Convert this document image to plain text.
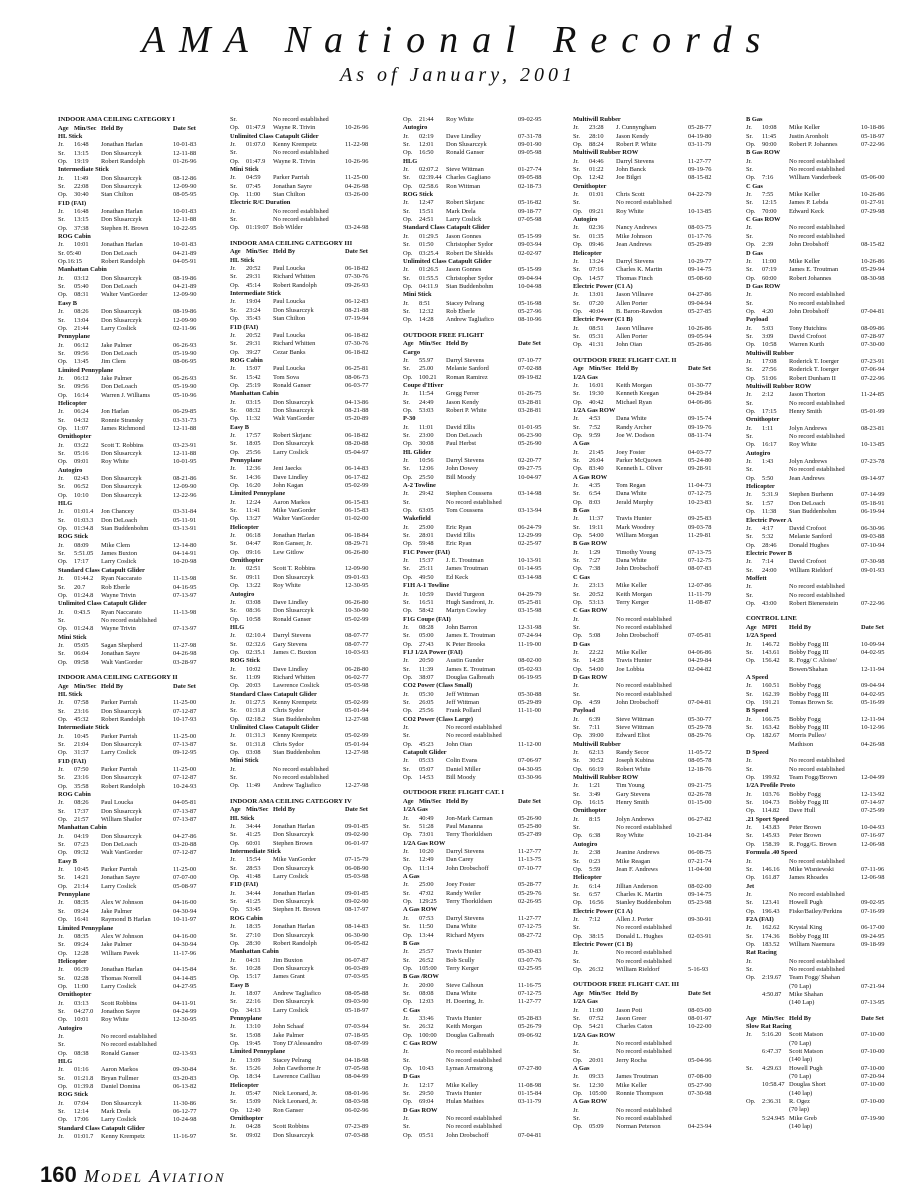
AMA National Records
As of January, 2001
INDOOR AMA CEILING CATEGORY I
Age Min/Sec Held By	Date Set
HL Stick
Jr.	16:48	Jonathan Harlan	10-01-83
Sr.	13:15	Don Slusarczyk	12-11-88
Op.	19:19	Robert Randolph	01-26-96
Intermediate Stick
Jr.	11:49	Don Slusarczyk	08-12-86
Sr.	22:08	Don Slusarczyk	12-09-90
Op.	30:40	Stan Chilton	08-05-95
F1D (FAI)
Jr.	16:48	Jonathan Harlan	10-01-83
Sr.	13:15	Don Slusarczyk	12-11-88
Op.	37:38	Stephen H. Brown	10-22-95
ROG Cabin
Jr.	10:01	Jonathan Harlan	10-01-83
Sr. 05:40	Don DeLoach	04-21-89
Op.16:15	Robert Randolph	04-05-91
Manhattan Cabin
Jr.	03:12	Don Slusarczyk	08-19-86
Sr.	05:40	Don DeLoach	04-21-89
Op.	08:31	Walter VanGorder	12-09-90
Easy B
Jr.	08:26	Don Slusarczyk	08-19-86
Sr.	13:04	Don Slusarczyk	12-09-90
Op.	21:44	Larry Coslick	02-11-96
Pennyplane
Jr.	06:12	Jake Palmer	06-26-93
Sr.	09:56	Don DeLoach	05-19-90
Op.	13:45	Jim Clem	08-06-95
Limited Pennyplane
Jr.	06:12	Jake Palmer	06-26-93
Sr.	09:56	Don DeLoach	05-19-90
Op.	16:14	Warren J. Williams	05-10-96
Helicopter
Jr.	06:24	Jon Harlan	06-29-85
Sr.	04:32	Ronnie Stransky	03-31-73
Op.	11:07	James Richmond	12-11-88
Ornithopter
Jr.	03:22	Scott T. Robbins	03-23-91
Sr.	05:16	Don Slusarczyk	12-11-88
Op.	09:01	Roy White	10-01-95
Autogiro
Jr.	02:43	Don Slusarczyk	08-21-86
Sr.	06:52	Don Slusarczyk	12-09-90
Op.	10:10	Don Slusarczyk	12-22-96
HLG
Jr.	01:01.4	Jon Chancey	03-31-84
Sr.	01:03.3	Don DeLoach	05-11-91
Op.	01:34.8	Stan Buddenbohm	03-13-91
ROG Stick
Jr.	08:09	Mike Clem	12-14-80
Sr.	5:51.05	James Buxton	04-14-91
Op.	17:17	Larry Coslick	10-20-98
Standard Class Catapult Glider
Jr.	01:44.2	Ryan Naccarato	11-13-98
Sr.	20.7	Rob Eberle	04-16-95
Op.	01:24.8	Wayne Trivin	07-13-97
Unlimited Class Catapult Glider
Jr.	0:43.5	Ryan Naccarato	11-13-98
Sr.	No record established
Op.	01:24.8	Wayne Trivin	07-13-97
Mini Stick
Jr.	05:05	Sagan Shepherd	11-27-98
Sr.	06:04	Jonathan Sayre	04-26-98
Op.	09:58	Walt VanGorder	03-28-97
INDOOR AMA CEILING CATEGORY II
Age Min/Sec Held By	Date Set
HL Stick
Jr.	07:58	Parker Parrish	11-25-00
Sr.	23:16	Don Slusarczyk	07-12-87
Op.	45:32	Robert Randolph	10-17-93
Intermediate Stick
Jr.	10:45	Parker Parrish	11-25-00
Sr.	21:04	Don Slusarczyk	07-13-87
Op.	31:37	Larry Coslick	09-12-95
F1D (FAI)
Jr.	07:50	Parker Parrish	11-25-00
Sr.	23:16	Don Slusarczyk	07-12-87
Op.	35:58	Robert Randolph	10-24-93
ROG Cabin
Jr.	08:26	Paul Loucka	04-05-81
Sr.	17:37	Don Slusarczyk	07-13-87
Op.	21:57	William Shailor	07-13-87
Manhattan Cabin
Jr.	04:19	Don Slusarczyk	04-27-86
Sr.	07:23	Don DeLoach	03-20-88
Op.	09:32	Walt VanGorder	07-12-87
Easy B
Jr.	10:45	Parker Parrish	11-25-00
Sr.	14:21	Jonathan Sayre	07-07-00
Op.	21:14	Larry Coslick	05-08-97
Pennyplane
Jr.	08:35	Alex W Johnson	04-16-00
Sr.	09:24	Jake Palmer	04-30-94
Op.	16:41	Raymond B Harlan	10-11-97
Limited Pennyplane
Jr.	08:35	Alex W Johnson	04-16-00
Sr.	09:24	Jake Palmer	04-30-94
Op.	12:28	William Pavek	11-17-96
Helicopter
Jr.	06:39	Jonathan Harlan	04-15-84
Sr.	02:28	Thomas Norrell	04-14-85
Op.	11:00	Larry Coslick	04-27-95
Ornithopter
Jr.	03:13	Scott Robbins	04-11-91
Sr.	04:27.0	Jonathon Sayre	04-24-99
Op.	10:01	Roy White	12-30-95
Autogiro
Jr.	No record established
Sr.	No record established
Op.	08:38	Ronald Ganser	02-13-93
HLG
Jr.	01:16	Aaron Markos	09-30-84
Sr.	01:21.8	Bryan Fullmer	03-20-83
Op.	01:39.8	Daniel Domina	06-13-82
ROG Stick
Jr.	07:04	Don Slusarczyk	11-30-86
Sr.	12:14	Mark Drela	06-12-77
Op.	17:06	Larry Coslick	10-24-98
Standard Class Catapult Glider
Jr.	01:01.7	Kenny Krempetz	11-16-97
Sr.	No record established
Op.	01:47.9	Wayne R. Trivin	10-26-96
Unlimited Class Catapult Glider
Jr.	01:07.0	Kenny Krempetz	11-22-98
Sr.	No record established
Op.	01:47.9	Wayne R. Trivin	10-26-96
Mini Stick
Jr.	04:59	Parker Parrish	11-25-00
Sr.	07:45	Jonathan Sayre	04-26-98
Op.	11:00	Stan Chilton	03-26-00
Electric R/C Duration
Jr.	No record established
Sr.	No record established
Op.	01:19:07 Bob Wilder	03-24-98
INDOOR AMA CEILING CATEGORY III
Age Min/Sec Held By	Date Set
HL Stick
Jr.	20:52	Paul Loucka	06-18-82
Sr.	29:31	Richard Whitten	07-30-76
Op.	45:14	Robert Randolph	09-26-93
Intermediate Stick
Jr.	19:04	Paul Loucka	06-12-83
Sr.	23:24	Don Slusarczyk	08-21-88
Op.	35:43	Stan Chilton	07-19-94
F1D (FAI)
Jr.	20:52	Paul Loucka	06-18-82
Sr.	29:31	Richard Whitten	07-30-76
Op.	39:27	Cezar Banks	06-18-82
ROG Cabin
Jr.	15:07	Paul Loucka	06-25-81
Sr.	15:42	Tom Sova	08-06-73
Op.	25:19	Ronald Ganser	06-03-77
Manhattan Cabin
Jr.	03:15	Don Slusarczyk	04-13-86
Sr.	08:32	Don Slusarczyk	08-21-88
Op.	11:32	Walt VanGorder	05-20-89
Easy B
Jr.	17:57	Robert Skrjanc	06-18-82
Sr.	18:05	Don Slusarczyk	08-20-88
Op.	25:56	Larry Coslick	05-04-97
Pennyplane
Jr.	12:36	Jeni Jaecks	06-14-83
Sr.	14:36	Dave Lindley	06-17-82
Op.	16:20	John Kagan	05-02-99
Limited Pennyplane
Jr.	12:24	Aaron Markos	06-15-83
Sr.	11:41	Mike VanGorder	06-15-83
Op.	13:27	Walter VanGorder	01-02-00
Helicopter
Jr.	06:18	Jonathan Harlan	06-18-84
Sr.	04:47	Ron Ganser, Jr.	08-29-71
Op.	09:16	Lew Gitlow	06-26-80
Ornithopter
Jr.	02:51	Scott T. Robbins	12-09-90
Sr.	09:11	Don Slusarczyk	09-01-93
Op.	13:22	Roy White	12-30-95
Autogiro
Jr.	03:08	Dave Lindley	06-26-80
Sr.	08:36	Don Slusarczyk	10-30-90
Op.	10:58	Ronald Ganser	05-02-99
HLG
Jr.	02:10.4	Darryl Stevens	08-07-77
Sr.	02:32.6	Gary Stevens	08-07-77
Op.	02:35.1	James C. Buxton	10-03-93
ROG Stick
Jr.	10:02	Dave Lindley	06-28-80
Sr.	11:09	Richard Whitten	06-02-77
Op.	20:03	Lawrence Coslick	05-03-98
Standard Class Catapult Glider
Jr.	01:27.5	Kenny Krempetz	05-02-99
Sr.	01:31.8	Chris Sydor	05-01-94
Op.	02:18.2	Stan Buddenbohm	12-27-98
Unlimited Class Catapult Glider
Jr.	01:31.3	Kenny Krempetz	05-02-99
Sr.	01:31.8	Chris Sydor	05-01-94
Op.	03:08	Stan Buddenbohm	12-27-98
Mini Stick
Jr.	No record established
Sr.	No record established
Op.	11:49	Andrew Tagliafico	12-27-98
INDOOR AMA CEILING CATEGORY IV
Age Min/Sec Held By	Date Set
HL Stick
Jr.	34:44	Jonathan Harlan	09-01-85
Sr.	41:25	Don Slusarczyk	09-02-90
Op.	60:01	Stephen Brown	06-01-97
Intermediate Stick
Jr.	15:54	Mike VanGorder	07-15-79
Sr.	28:53	Don Slusarczyk	06-08-90
Op.	41:48	Larry Coslick	05-03-98
F1D (FAI)
Jr.	34:44	Jonathan Harlan	09-01-85
Sr.	41:25	Don Slusarczyk	09-02-90
Op.	53:45	Stephen H. Brown	08-17-97
ROG Cabin
Jr.	18:35	Jonathan Harlan	08-14-83
Sr.	27:10	Don Slusarczyk	06-30-90
Op.	28:30	Robert Randolph	06-05-82
Manhattan Cabin
Jr.	04:31	Jim Buxton	06-07-87
Sr.	10:28	Don Slusarczyk	06-03-89
Op.	15:17	James Grant	07-03-95
Easy B
Jr.	18:07	Andrew Tagliafico	08-05-88
Sr.	22:16	Don Slusarczyk	09-03-90
Op.	34:13	Larry Coslick	05-18-97
Pennyplane
Jr.	13:10	John Schaaf	07-03-94
Sr.	15:08	Jake Palmer	07-18-95
Op.	19:45	Tony D'Alessandro	08-07-99
Limited Pennyplane
Jr.	13:09	Stacey Pelrang	04-18-98
Sr.	15:26	John Cawthorne Jr	07-05-98
Op.	18:34	Lawrence Cailliau	08-04-99
Helicopter
Jr.	05:47	Nick Leonard, Jr.	08-01-96
Sr.	15:09	Nick Leonard, Jr.	08-03-98
Op.	12:40	Ron Ganser	06-02-96
Ornithopter
Jr.	04:28	Scott Robbins	07-23-89
Sr.	09:02	Don Slusarczyk	07-03-88
Op.	21:44	Roy White	09-02-95
Autogiro
Jr.	02:19	Dave Lindley	07-31-78
Sr.	12:01	Don Slusarczyk	09-01-90
Op.	16:50	Ronald Ganser	09-05-98
HLG
Jr.	02:07.2	Steve Wittman	01-27-74
Sr.	02:39.44 Charles Gagliano	09-05-88
Op.	02:58.6	Ron Wittman	02-18-73
ROG Stick
Jr.	12:47	Robert Skrjanc	05-16-82
Sr.	15:51	Mark Drela	09-18-77
Op.	24:51	Larry Coslick	07-05-98
Standard Class Catapult Glider
Jr.	01:29.5	Jason Gonnes	05-15-99
Sr.	01:50	Christopher Sydor	09-03-94
Op.	03:25.4	Robert De Shields	02-02-97
Unlimited Class Catapult Glider
Jr.	01:26.5	Jason Gonnes	05-15-99
Sr.	01:55.5	Christopher Sydor	09-04-94
Op.	04:11.9	Stan Buddenbohm	10-04-98
Mini Stick
Jr.	8:51	Stacey Pelrang	05-16-98
Sr.	12:32	Rob Eberle	05-27-96
Op.	14:28	Andrew Tagliafico	08-10-96
OUTDOOR FREE FLIGHT
Age Min/Sec Held By	Date Set
Cargo
Jr.	55.97	Darryl Stevens	07-10-77
Sr.	25.00	Melanie Sanford	07-02-88
Op.	100.21	Roman Ramirez	09-19-82
Coupe d'Hiver
Jr.	11:54	Gregg Ferrer	01-26-75
Sr.	24:49	Jason Kendy	03-28-81
Op.	53:03	Robert P. White	03-28-81
P-30
Jr.	11:01	David Ellis	01-01-95
Sr.	23:00	Don DeLoach	06-23-90
Op.	30:08	Paul Herbst	05-26-90
HL Glider
Jr.	10:56	Darryl Stevens	02-20-77
Sr.	12:06	John Dowey	09-27-75
Op.	25:50	Bill Moody	10-04-97
A-2 Towline
Jr.	29:42	Stephen Coussens	03-14-98
Sr.	No record established
Op.	63:05	Tom Coussens	03-13-94
Wakefield
Jr.	25:00	Eric Ryan	06-24-79
Sr.	28:01	David Ellis	12-29-99
Op.	59:48	Eric Ryan	02-25-97
F1C Power (FAI)
Jr.	15:37	J. E. Troutman	10-13-91
Sr.	25:11	James Troutman	01-14-95
Op.	49:50	Ed Keck	03-14-98
F1H A-1 Towline
Jr.	10:59	David Turgeon	04-29-79
Sr.	16:51	Hugh Sandroni, Jr.	05-25-81
Op.	58:42	Martyn Cowley	03-15-98
F1G Coupe (FAI)
Jr.	08:28	John Barron	12-31-98
Sr.	05:00	James E. Troutman	07-24-94
Op.	27:43	K Peter Brooks	11-19-00
F1J 1/2A Power (FAI)
Jr.	20:50	Austin Gunder	08-02-00
Sr.	11:39	James E. Troutman	05-02-93
Op.	38:07	Douglas Galbreath	06-19-95
CO2 Power (Class Small)
Jr.	05:30	Jeff Wittman	05-30-88
Sr.	26:05	Jeff Wittman	05-29-89
Op.	25:56	Frank Pollard	11-11-00
CO2 Power (Class Large)
Jr.	No record established
Sr.	No record established
Op.	45:23	John Oian	11-12-00
Catapult Glider
Jr.	05:33	Colin Evans	07-06-97
Sr.	05:07	Daniel Miller	04-30-95
Op.	14:53	Bill Moody	03-30-96
OUTDOOR FREE FLIGHT CAT. I
Age Min/Sec Held By	Date Set
1/2A Gas
Jr.	40:49	Jon-Mark Carman	05-26-90
Sr.	51:28	Paul Mananna	05-25-80
Op.	73:01	Terry Thorkildsen	05-27-89
1/2A Gas ROW
Jr.	10:20	Darryl Stevens	11-27-77
Sr.	12:49	Dan Carey	11-13-75
Op.	11:14	John Drobschoff	07-10-77
A Gas
Jr.	25:00	Joey Foster	05-28-77
Sr.	47:02	Randy Weiler	05-29-76
Op.	129:25	Terry Thorkildsen	02-26-95
A Gas ROW
Jr.	07:53	Darryl Stevens	11-27-77
Sr.	11:50	Dana White	07-12-75
Op.	13:44	Richard Myers	08-27-72
B Gas
Jr.	25:57	Travis Hunter	05-30-83
Sr.	26:52	Bob Scully	03-07-76
Op.	105:00	Terry Kerger	02-25-95
B Gas /ROW
Jr.	20:00	Steve Calhoun	11-16-75
Sr.	08:08	Dana White	07-12-75
Op.	12:03	H. Doering, Jr.	11-27-77
C Gas
Jr.	33:46	Travis Hunter	05-28-83
Sr.	26:32	Keith Morgan	05-26-79
Op.	100:00	Douglas Galbreath	09-06-92
C Gas ROW
Jr.	No record established
Sr.	No record established
Op.	10:43	Lyman Armstrong	07-27-80
D Gas
Jr.	12:17	Mike Kelley	11-08-98
Sr.	29:50	Travis Hunter	01-15-84
Op.	69:04	Hulan Mathies	03-11-79
D Gas ROW
Jr.	No record established
Sr.	No record established
Op.	05:51	John Drobschoff	07-04-81
Multiwill Rubber
Jr.	23:28	J. Cunnyngham	05-28-77
Sr.	28:10	Jason Kendy	04-19-80
Op.	88:24	Robert P. White	03-11-79
Multiwill Rubber ROW
Jr.	04:46	Darryl Stevens	11-27-77
Sr.	01:22	John Banck	09-19-76
Op.	12:42	Joe Bilgri	08-15-82
Ornithopter
Jr.	01:01	Chris Scott	04-22-79
Sr.	No record established
Op.	09:21	Roy White	10-13-85
Autogiro
Jr.	02:36	Nancy Andrews	08-03-75
Sr.	01:35	Mike Johnson	01-17-76
Op.	09:46	Jean Andrews	05-29-89
Helicopter
Jr.	13:24	Darryl Stevens	10-29-77
Sr.	07:16	Charles K. Martin	09-14-75
Op.	14:57	Thomas Finch	05-08-60
Electric Power (C1 A)
Jr.	13:01	Jason Villnave	04-27-86
Sr.	07:20	Allen Porter	09-04-94
Op.	40:04	B. Baron-Rawdon	05-27-85
Electric Power (C1 B)
Jr.	08:51	Jason Villnave	10-26-86
Sr.	05:31	Allen Porter	09-05-94
Op.	41:31	John Oian	05-26-86
OUTDOOR FREE FLIGHT CAT. II
Age Min/Sec Held By	Date Set
1/2A Gas
Jr.	16:01	Keith Morgan	01-30-77
Sr.	19:30	Kenneth Keegan	04-29-84
Op.	40:42	Michael Ryan	04-06-86
1/2A Gas ROW
Jr.	4:53	Dana White	09-15-74
Sr.	7:52	Randy Archer	09-19-76
Op.	9:59	Joe W. Dodson	08-11-74
A Gas
Jr.	21:45	Joey Foster	04-03-77
Sr.	26:04	Parker McQuown	05-24-80
Op.	83:40	Kenneth L. Oliver	09-28-91
A Gas ROW
Jr.	4:35	Tom Regan	11-04-73
Sr.	6:54	Dana White	07-12-75
Op.	8:03	Jerald Murphy	10-23-83
B Gas
Jr.	11:37	Travis Hunter	09-25-83
Sr.	19:11	Mark Woodrey	09-03-78
Op.	54:00	William Morgan	11-29-81
B Gas ROW
Jr.	1:29	Timothy Young	07-13-75
Sr.	7:27	Dana White	07-12-75
Op.	7:38	John Drobschoff	08-07-83
C Gas
Jr.	23:13	Mike Keller	12-07-86
Sr.	20:52	Keith Morgan	11-11-79
Op.	53:13	Terry Kerger	11-08-87
C Gas ROW
Jr.	No record established
Sr.	No record established
Op.	5:08	John Drobschoff	07-05-81
D Gas
Jr.	22:22	Mike Keller	04-06-86
Sr.	14:28	Travis Hunter	04-29-84
Op.	54:00	Joe Lobbia	02-04-82
D Gas ROW
Jr.	No record established
Sr.	No record established
Op.	4:59	John Drobschoff	07-04-81
Payload
Jr.	6:39	Steve Wittman	05-30-77
Sr.	7:11	Steve Wittman	05-29-78
Op.	39:00	Edward Eliot	08-29-76
Multiwill Rubber
Jr.	62:13	Randy Secor	11-05-72
Sr.	30:52	Joseph Kubina	08-05-78
Op.	66:19	Robert White	12-18-76
Multiwill Rubber ROW
Jr.	1:21	Tim Young	09-21-75
Sr.	3:49	Gary Stevens	02-26-78
Op.	16:15	Henry Smith	01-15-00
Ornithopter
Jr.	8:15	Jolyn Andrews	06-27-82
Sr.	No record established
Op.	6:38	Roy White	10-21-84
Autogiro
Jr.	2:38	Jeanine Andrews	06-08-75
Sr.	0:23	Mike Reagan	07-21-74
Op.	5:59	Jean F. Andrews	11-04-90
Helicopter
Jr.	6:14	Jillian Anderson	08-02-00
Sr.	6:57	Charles K. Martin	09-14-75
Op.	16:56	Stanley Buddenbohm	05-23-98
Electric Power (C1 A)
Jr.	7:12	Allen J. Porter	09-30-91
Sr.	No record established
Op.	38:15	Donald L. Hughes	02-03-91
Electric Power (C1 B)
Jr.	No record established
Sr.	No record established
Op.	26:32	William Rieldorf	5-16-93
OUTDOOR FREE FLIGHT CAT. III
Age Min/Sec Held By	Date Set
1/2A Gas
Jr.	11:00	Jason Poti	08-03-00
Sr.	07:52	Jason Greer	08-01-97
Op.	54:21	Charles Caton	10-22-00
1/2A Gas ROW
Jr.	No record established
Sr.	No record established
Op.	20:01	Jerry Rocha	05-04-96
A Gas
Jr.	09:33	James Troutman	07-08-00
Sr.	12:30	Mike Keller	05-27-90
Op.	105:00	Ronnie Thompson	07-30-98
A Gas ROW
Jr.	No record established
Sr.	No record established
Op.	05:09	Norman Peterson	04-23-94
B Gas
Jr.	10:08	Mike Keller	10-18-86
Sr.	11:45	Justin Aronholt	05-18-97
Op.	90:00	Robert P. Johannes	07-22-96
B Gas ROW
Jr.	No record established
Sr.	No record established
Op.	7:16	William Vanderbeek	05-06-00
C Gas
Jr.	7:55	Mike Keller	10-26-86
Sr.	12:15	James P. Lebda	01-27-91
Op.	70:00	Edward Keck	07-29-98
C Gas ROW
Jr.	No record established
Sr.	No record established
Op.	2:39	John Drobshoff	08-15-82
D Gas
Jr.	11:00	Mike Keller	10-26-86
Sr.	07:19	James E. Troutman	05-29-94
Op.	60:00	Robert Johannes	08-30-98
D Gas ROW
Jr.	No record established
Sr.	No record established
Op.	4:20	John Drobshoff	07-04-81
Payload
Jr.	5:03	Tony Hutchins	08-09-86
Sr.	3:09	David Crofoot	07-28-97
Op.	10:58	Warren Kurth	07-30-00
Multiwill Rubber
Jr.	17:08	Roderick T. Ioerger	07-23-91
Sr.	27:56	Roderick T. Ioerger	07-06-94
Op.	51:06	Robert Dunham II	07-22-96
Multiwill Rubber ROW
Jr.	2:12	Jason Thorton	11-24-85
Sr.	No record established
Op.	17:15	Henry Smith	05-01-99
Ornithopter
Jr.	1:11	Jolyn Andrews	08-23-81
Sr.	No record established
Op.	16:17	Roy White	10-13-85
Autogiro
Jr.	1:43	Jolyn Andrews	07-23-78
Sr.	No record established
Op.	5:50	Jean Andrews	09-14-97
Helicopter
Jr.	5:31.9	Stephen Burhenn	07-14-99
Sr.	1:57	Don DeLoach	05-18-91
Op.	11:38	Stan Buddenbohm	06-19-94
Electric Power A
Jr.	4:17	David Crofoot	06-30-96
Sr.	5:32	Melanie Sanford	09-03-88
Op.	28:46	Donald Hughes	07-10-94
Electric Power B
Jr.	7:14	David Crofoot	07-30-98
Sr.	24:00	William Rieldorf	09-01-93
Moffett
Jr.	No record established
Sr.	No record established
Op.	43:00	Robert Bienenstein	07-22-96
CONTROL LINE
Age MPH	Held By	Date Set
1/2A Speed
Jr.	146.72	Bobby Fogg III	10-09-94
Sr.	143.61	Bobby Fogg III	04-02-95
Op.	156.42	R. Fogg/ C Aloise/
Bowen/Shahan	12-11-94
A Speed
Jr.	160.51	Bobby Fogg	09-04-94
Sr.	162.39	Bobby Fogg III	04-02-95
Op.	191.21	Tomas Brown Sr.	05-16-99
B Speed
Jr.	166.75	Bobby Fogg	12-11-94
Sr.	163.42	Bobby Fogg III	10-12-96
Op.	182.67	Morris Pulleo/
Mathison	04-26-98
D Speed
Jr.	No record established
Sr.	No record established
Op.	199.92	Team Fogg/Brown	12-04-99
1/2A Profile Proto
Jr.	103.76	Bobby Fogg	12-13-92
Sr.	104.73	Bobby Fogg III	07-14-97
Op.	114.82	Dave Hull	07-25-99
.21 Sport Speed
Jr.	143.83	Peter Brown	10-04-93
Sr.	145.93	Peter Brown	07-16-97
Op.	158.39	R. Fogg/G. Brown	12-06-98
Formula .40 Speed
Jr.	No record established
Sr.	146.16	Mike Wisniewski	07-11-96
Op.	161.87	James Rhoades	12-06-98
Jet
Jr.	No record established
Sr.	123.41	Howell Pugh	09-02-95
Op.	196.43	Fiske/Bailey/Perkins	07-16-99
F2A (FAI)
Jr.	162.62	Krystal King	06-17-00
Sr.	174.36	Bobby Fogg III	09-24-95
Op.	183.52	William Naemura	09-18-99
Rat Racing
Jr.	No record established
Sr.	No record established
Op.	2:19.67	Team Fogg/ Shahan
(70 Lap)	07-21-94
4:50.87	Mike Shahan
(140 Lap)	07-13-95
Age Min/Sec Held By	Date Set
Slow Rat Racing
Jr.	5:16.20	Scott Matson	07-10-00
(70 Lap)
6:47.37	Scott Matson	07-10-00
(140 lap)
Sr.	4:29.63	Howell Pugh	07-10-00
(70 Lap)	07-20-94
10:58.47 Douglas Short	07-10-00
(140 lap)
Op.	2:36.31	R. Ogez	07-10-00
(70 lap)
5:24.945 Mike Greb	07-19-90
(140 lap)
160 Model Aviation
